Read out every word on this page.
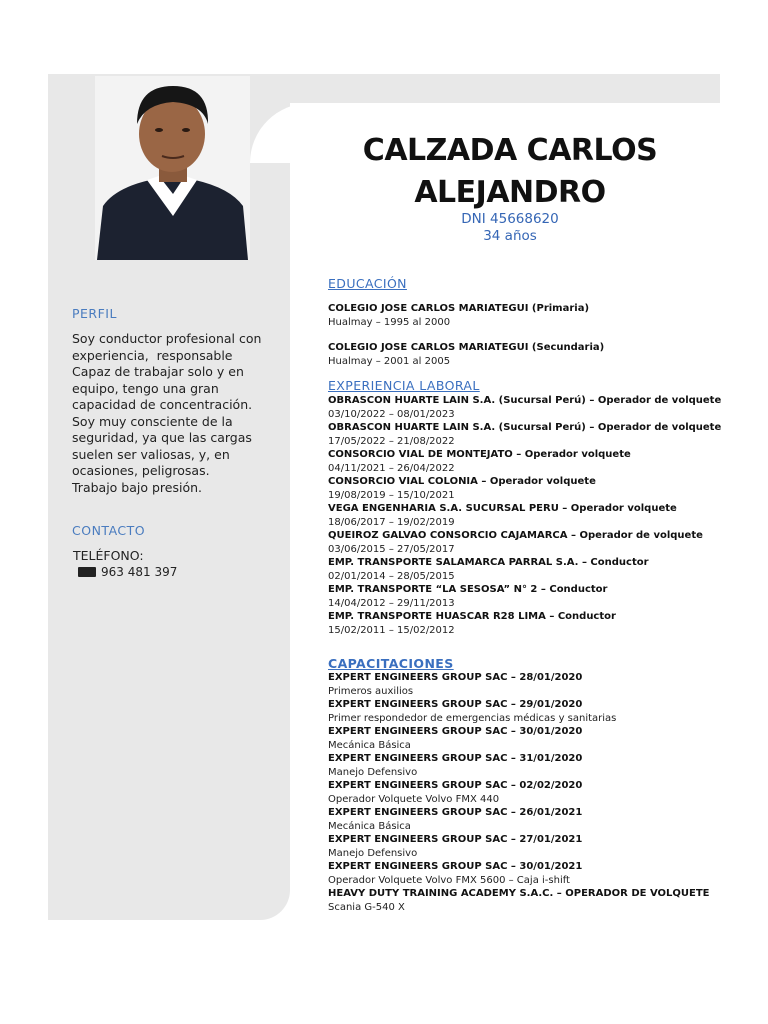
PERFIL
Soy conductor profesional con
experiencia,  responsable
Capaz de trabajar solo y en
equipo, tengo una gran
capacidad de concentración.
Soy muy consciente de la
seguridad, ya que las cargas
suelen ser valiosas, y, en
ocasiones, peligrosas.
Trabajo bajo presión.
CONTACTO
TELÉFONO:
963 481 397
CALZADA CARLOS
ALEJANDRO
DNI 45668620
34 años
EDUCACIÓN
COLEGIO JOSE CARLOS MARIATEGUI (Primaria)
Hualmay – 1995 al 2000
COLEGIO JOSE CARLOS MARIATEGUI (Secundaria)
Hualmay – 2001 al 2005
EXPERIENCIA LABORAL
OBRASCON HUARTE LAIN S.A. (Sucursal Perú) – Operador de volquete
03/10/2022 – 08/01/2023
OBRASCON HUARTE LAIN S.A. (Sucursal Perú) – Operador de volquete
17/05/2022 – 21/08/2022
CONSORCIO VIAL DE MONTEJATO – Operador volquete
04/11/2021 – 26/04/2022
CONSORCIO VIAL COLONIA – Operador volquete
19/08/2019 – 15/10/2021
VEGA ENGENHARIA S.A. SUCURSAL PERU – Operador volquete
18/06/2017 – 19/02/2019
QUEIROZ GALVAO CONSORCIO CAJAMARCA – Operador de volquete
03/06/2015 – 27/05/2017
EMP. TRANSPORTE SALAMARCA PARRAL S.A. – Conductor
02/01/2014 – 28/05/2015
EMP. TRANSPORTE “LA SESOSA” N° 2 – Conductor
14/04/2012 – 29/11/2013
EMP. TRANSPORTE HUASCAR R28 LIMA – Conductor
15/02/2011 – 15/02/2012
CAPACITACIONES
EXPERT ENGINEERS GROUP SAC – 28/01/2020
Primeros auxilios
EXPERT ENGINEERS GROUP SAC – 29/01/2020
Primer respondedor de emergencias médicas y sanitarias
EXPERT ENGINEERS GROUP SAC – 30/01/2020
Mecánica Básica
EXPERT ENGINEERS GROUP SAC – 31/01/2020
Manejo Defensivo
EXPERT ENGINEERS GROUP SAC – 02/02/2020
Operador Volquete Volvo FMX 440
EXPERT ENGINEERS GROUP SAC – 26/01/2021
Mecánica Básica
EXPERT ENGINEERS GROUP SAC – 27/01/2021
Manejo Defensivo
EXPERT ENGINEERS GROUP SAC – 30/01/2021
Operador Volquete Volvo FMX 5600 – Caja i-shift
HEAVY DUTY TRAINING ACADEMY S.A.C. – OPERADOR DE VOLQUETE
Scania G-540 X
